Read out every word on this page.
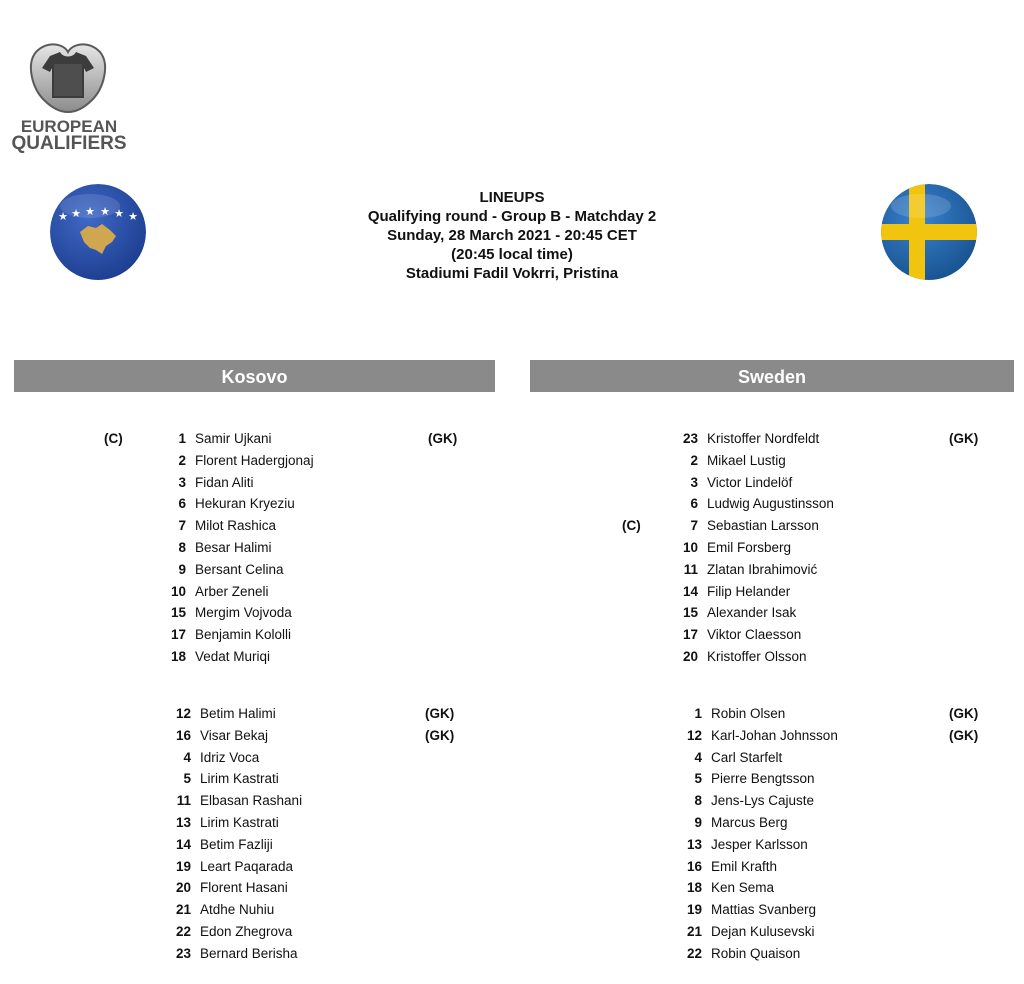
EUROPEAN
QUALIFIERS
★ ★ ★ ★ ★ ★
LINEUPS
Qualifying round - Group B - Matchday 2
Sunday, 28 March 2021 - 20:45 CET
(20:45 local time)
Stadiumi Fadil Vokrri, Pristina
Kosovo	Sweden
(C)	1 Samir Ujkani	(GK)
2 Florent Hadergjonaj
3 Fidan Aliti
6 Hekuran Kryeziu
7 Milot Rashica
8 Besar Halimi
9 Bersant Celina
10 Arber Zeneli
15 Mergim Vojvoda
17 Benjamin Kololli
18 Vedat Muriqi
12 Betim Halimi	(GK)
16 Visar Bekaj	(GK)
4 Idriz Voca
5 Lirim Kastrati
11 Elbasan Rashani
13 Lirim Kastrati
14 Betim Fazliji
19 Leart Paqarada
20 Florent Hasani
21 Atdhe Nuhiu
22 Edon Zhegrova
23 Bernard Berisha
23 Kristoffer Nordfeldt	(GK)
2 Mikael Lustig
3 Victor Lindelöf
6 Ludwig Augustinsson
(C)	7 Sebastian Larsson
10 Emil Forsberg
11 Zlatan Ibrahimović
14 Filip Helander
15 Alexander Isak
17 Viktor Claesson
20 Kristoffer Olsson
1 Robin Olsen	(GK)
12 Karl-Johan Johnsson	(GK)
4 Carl Starfelt
5 Pierre Bengtsson
8 Jens-Lys Cajuste
9 Marcus Berg
13 Jesper Karlsson
16 Emil Krafth
18 Ken Sema
19 Mattias Svanberg
21 Dejan Kulusevski
22 Robin Quaison
